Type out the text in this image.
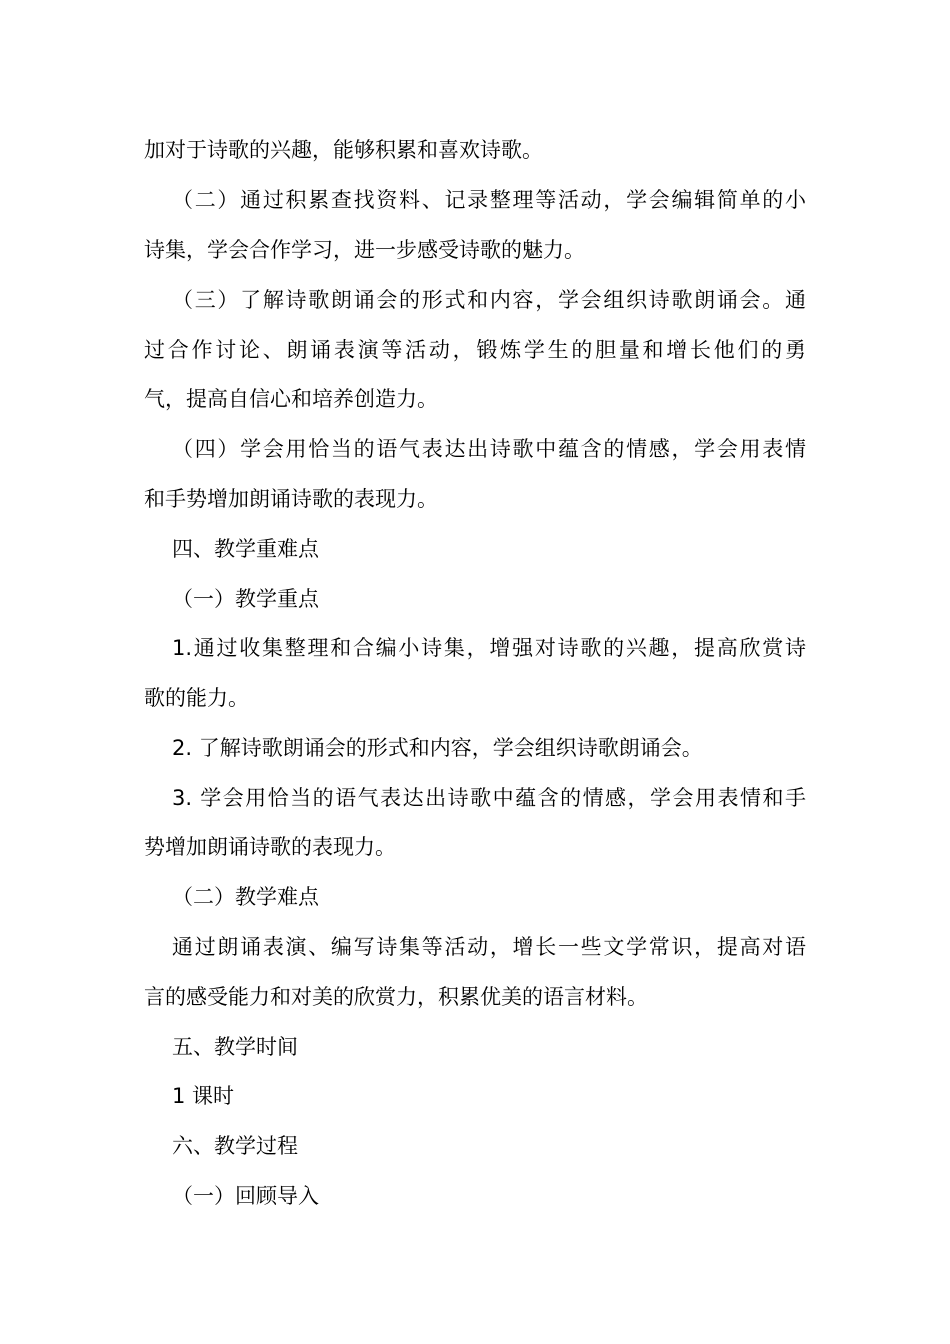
加对于诗歌的兴趣，能够积累和喜欢诗歌。
（二）通过积累查找资料、记录整理等活动，学会编辑简单的小
诗集，学会合作学习，进一步感受诗歌的魅力。
（三）了解诗歌朗诵会的形式和内容，学会组织诗歌朗诵会。通
过合作讨论、朗诵表演等活动，锻炼学生的胆量和增长他们的勇
气，提高自信心和培养创造力。
（四）学会用恰当的语气表达出诗歌中蕴含的情感，学会用表情
和手势增加朗诵诗歌的表现力。
四、教学重难点
（一）教学重点
1.通过收集整理和合编小诗集，增强对诗歌的兴趣，提高欣赏诗
歌的能力。
2. 了解诗歌朗诵会的形式和内容，学会组织诗歌朗诵会。
3. 学会用恰当的语气表达出诗歌中蕴含的情感，学会用表情和手
势增加朗诵诗歌的表现力。
（二）教学难点
通过朗诵表演、编写诗集等活动，增长一些文学常识，提高对语
言的感受能力和对美的欣赏力，积累优美的语言材料。
五、教学时间
1 课时
六、教学过程
（一）回顾导入
